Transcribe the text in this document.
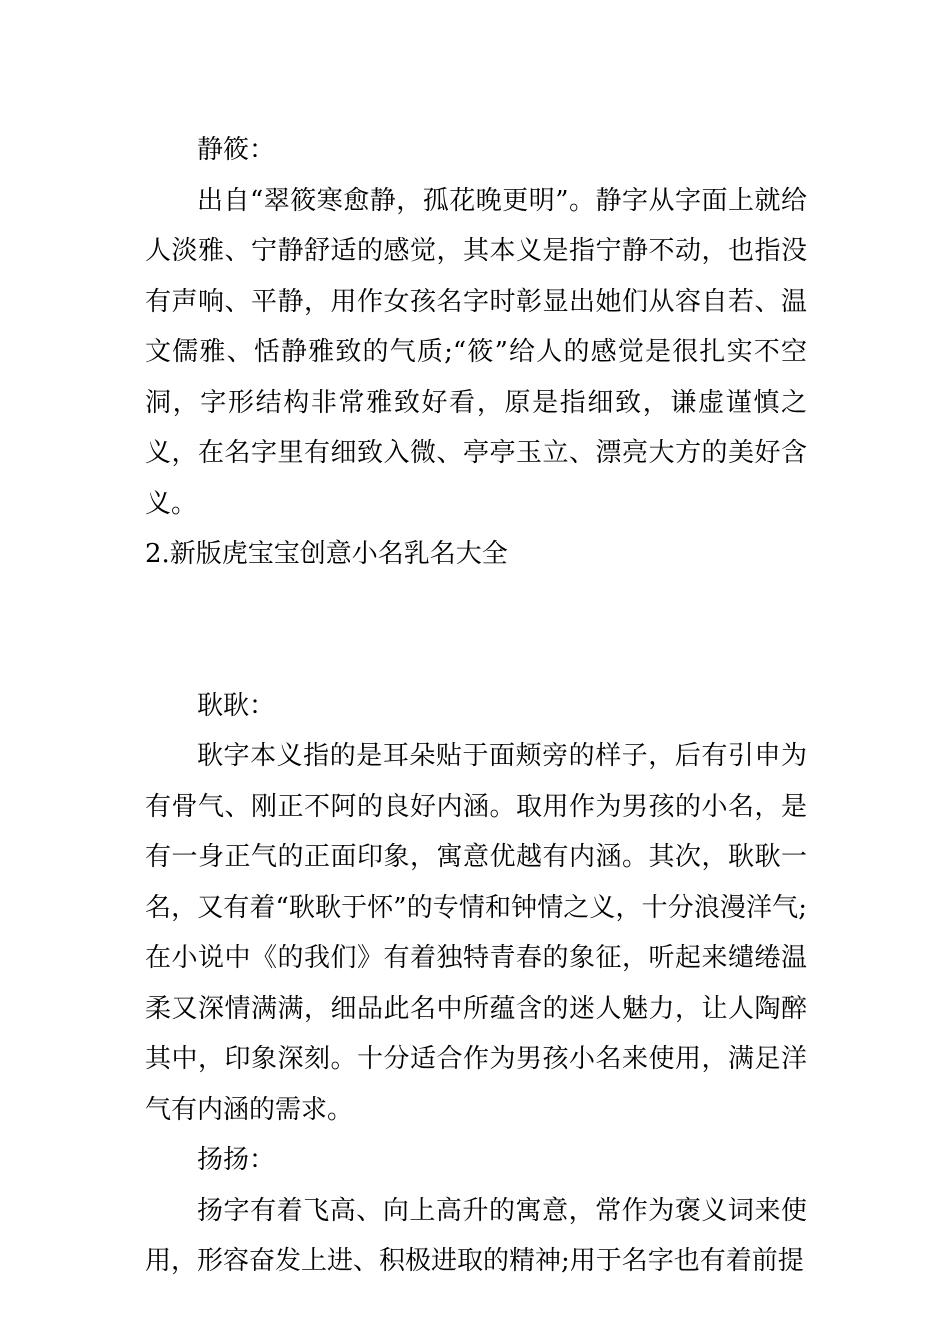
静筱：

出自“翠筱寒愈静，孤花晚更明”。静字从字面上就给人淡雅、宁静舒适的感觉，其本义是指宁静不动，也指没有声响、平静，用作女孩名字时彰显出她们从容自若、温文儒雅、恬静雅致的气质;“筱”给人的感觉是很扎实不空洞，字形结构非常雅致好看，原是指细致，谦虚谨慎之义，在名字里有细致入微、亭亭玉立、漂亮大方的美好含义。

2.新版虎宝宝创意小名乳名大全

耿耿：

耿字本义指的是耳朵贴于面颊旁的样子，后有引申为有骨气、刚正不阿的良好内涵。取用作为男孩的小名，是有一身正气的正面印象，寓意优越有内涵。其次，耿耿一名，又有着“耿耿于怀”的专情和钟情之义，十分浪漫洋气;在小说中《的我们》有着独特青春的象征，听起来缱绻温柔又深情满满，细品此名中所蕴含的迷人魅力，让人陶醉其中，印象深刻。十分适合作为男孩小名来使用，满足洋气有内涵的需求。

扬扬：

扬字有着飞高、向上高升的寓意，常作为褒义词来使用，形容奋发上进、积极进取的精神;用于名字也有着前提
